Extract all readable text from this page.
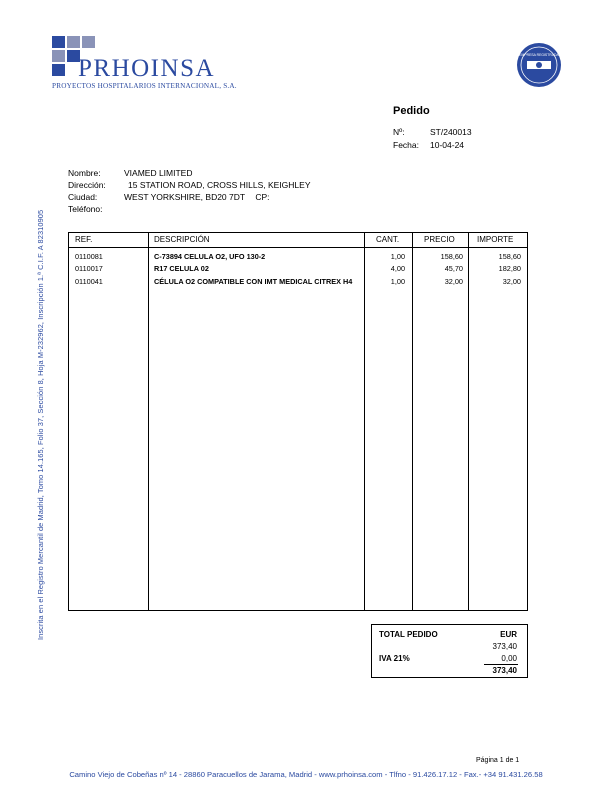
PRHOINSA
PROYECTOS HOSPITALARIOS INTERNACIONAL, S.A.
EMPRESA REGISTRADA
Pedido
Nº:	ST/240013
Fecha: 10-04-24
Nombre:	VIAMED LIMITED
Dirección:	15 STATION ROAD, CROSS HILLS, KEIGHLEY
Ciudad:	WEST YORKSHIRE, BD20 7DT CP:
Teléfono:
Inscrita en el Registro Mercantil de Madrid, Tomo 14.165, Folio 37, Sección 8, Hoja M-232962, Inscripción 1.ª C.I.F. A 82310905	REF.	DESCRIPCIÓN	CANT.	PRECIO	IMPORTE
0110081	C-73894 CELULA O2, UFO 130-2	1,00	158,60	158,60
0110017	R17 CELULA 02	4,00	45,70	182,80
0110041	CÉLULA O2 COMPATIBLE CON IMT MEDICAL CITREX H4	1,00	32,00	32,00
TOTAL PEDIDO	EUR
373,40
IVA 21%	0,00
373,40
Página 1 de 1
Camino Viejo de Cobeñas nº 14 - 28860 Paracuellos de Jarama, Madrid - www.prhoinsa.com - Tlfno - 91.426.17.12 - Fax.- +34 91.431.26.58
